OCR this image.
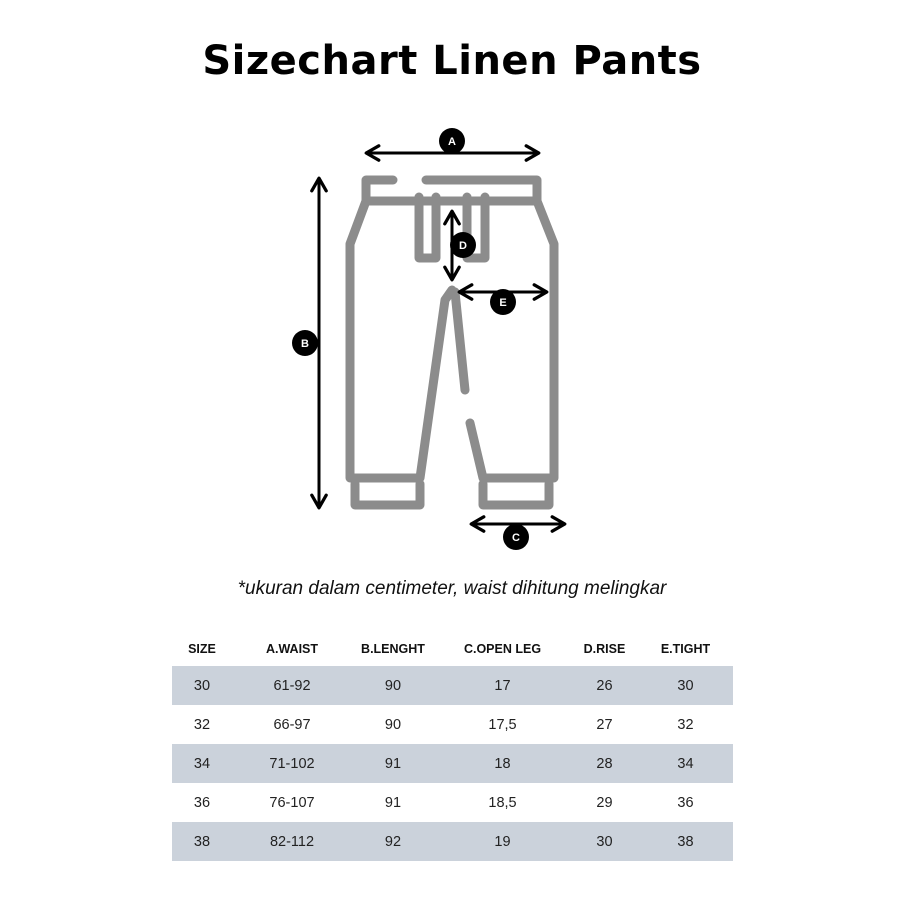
Sizechart Linen Pants
A
B
C
D
E
*ukuran dalam centimeter, waist dihitung melingkar
SIZE	A.WAIST	B.LENGHT	C.OPEN LEG	D.RISE	E.TIGHT
30	61-92	90	17	26	30
32	66-97	90	17,5	27	32
34	71-102	91	18	28	34
36	76-107	91	18,5	29	36
38	82-112	92	19	30	38
